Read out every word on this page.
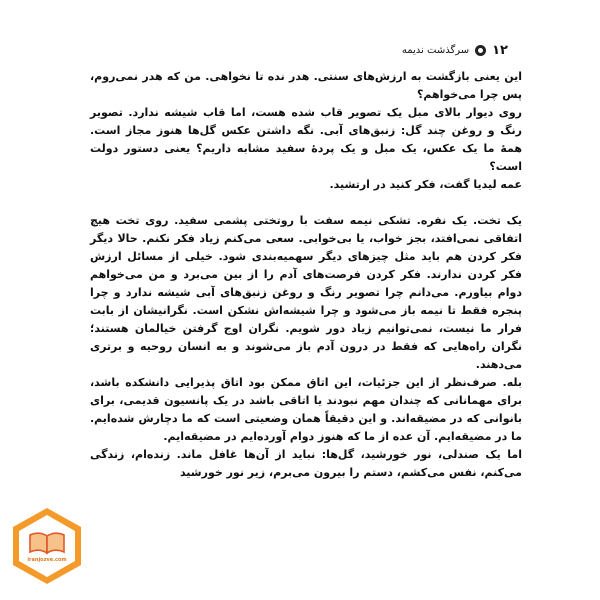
۱۲
سرگذشت ندیمه

این یعنی بازگشت به ارزش‌های سنتی. هدر نده تا نخواهی. من که هدر نمی‌روم، پس چرا می‌خواهم؟

روی دیوار بالای مبل یک تصویر قاب شده هست، اما قاب شیشه ندارد. تصویر رنگ و روغن چند گل: زنبق‌های آبی. نگه داشتن عکس گل‌ها هنوز مجاز است. همهٔ ما یک عکس، یک مبل و یک پردهٔ سفید مشابه داریم؟ یعنی دستور دولت است؟

عمه لیدیا گفت، فکر کنید در ارتشید.

یک تخت. یک نفره. تشکی نیمه سفت با روتختی پشمی سفید. روی تخت هیچ اتفاقی نمی‌افتد، بجز خواب، یا بی‌خوابی. سعی می‌کنم زیاد فکر نکنم. حالا دیگر فکر کردن هم باید مثل چیزهای دیگر سهمیه‌بندی شود. خیلی از مسائل ارزش فکر کردن ندارند. فکر کردن فرصت‌های آدم را از بین می‌برد و من می‌خواهم دوام بیاورم. می‌دانم چرا تصویر رنگ و روغن زنبق‌های آبی شیشه ندارد و چرا پنجره فقط تا نیمه باز می‌شود و چرا شیشه‌اش نشکن است. نگرانیشان از بابت فرار ما نیست، نمی‌توانیم زیاد دور شویم. نگران اوج گرفتن خیالمان هستند؛ نگران راه‌هایی که فقط در درون آدم باز می‌شوند و به انسان روحیه و برتری می‌دهند.

بله. صرف‌نظر از این جزئیات، این اتاق ممکن بود اتاق پذیرایی دانشکده باشد، برای مهمانانی که چندان مهم نبودند یا اتاقی باشد در یک پانسیون قدیمی، برای بانوانی که در مضیقه‌اند. و این دقیقاً همان وضعیتی است که ما دچارش شده‌ایم. ما در مضیقه‌ایم. آن عده از ما که هنوز دوام آورده‌ایم در مضیقه‌ایم.

اما یک صندلی، نور خورشید، گل‌ها: نباید از آن‌ها غافل ماند. زنده‌ام، زندگی می‌کنم، نفس می‌کشم، دستم را بیرون می‌برم، زیر نور خورشید

iranjozve.com
